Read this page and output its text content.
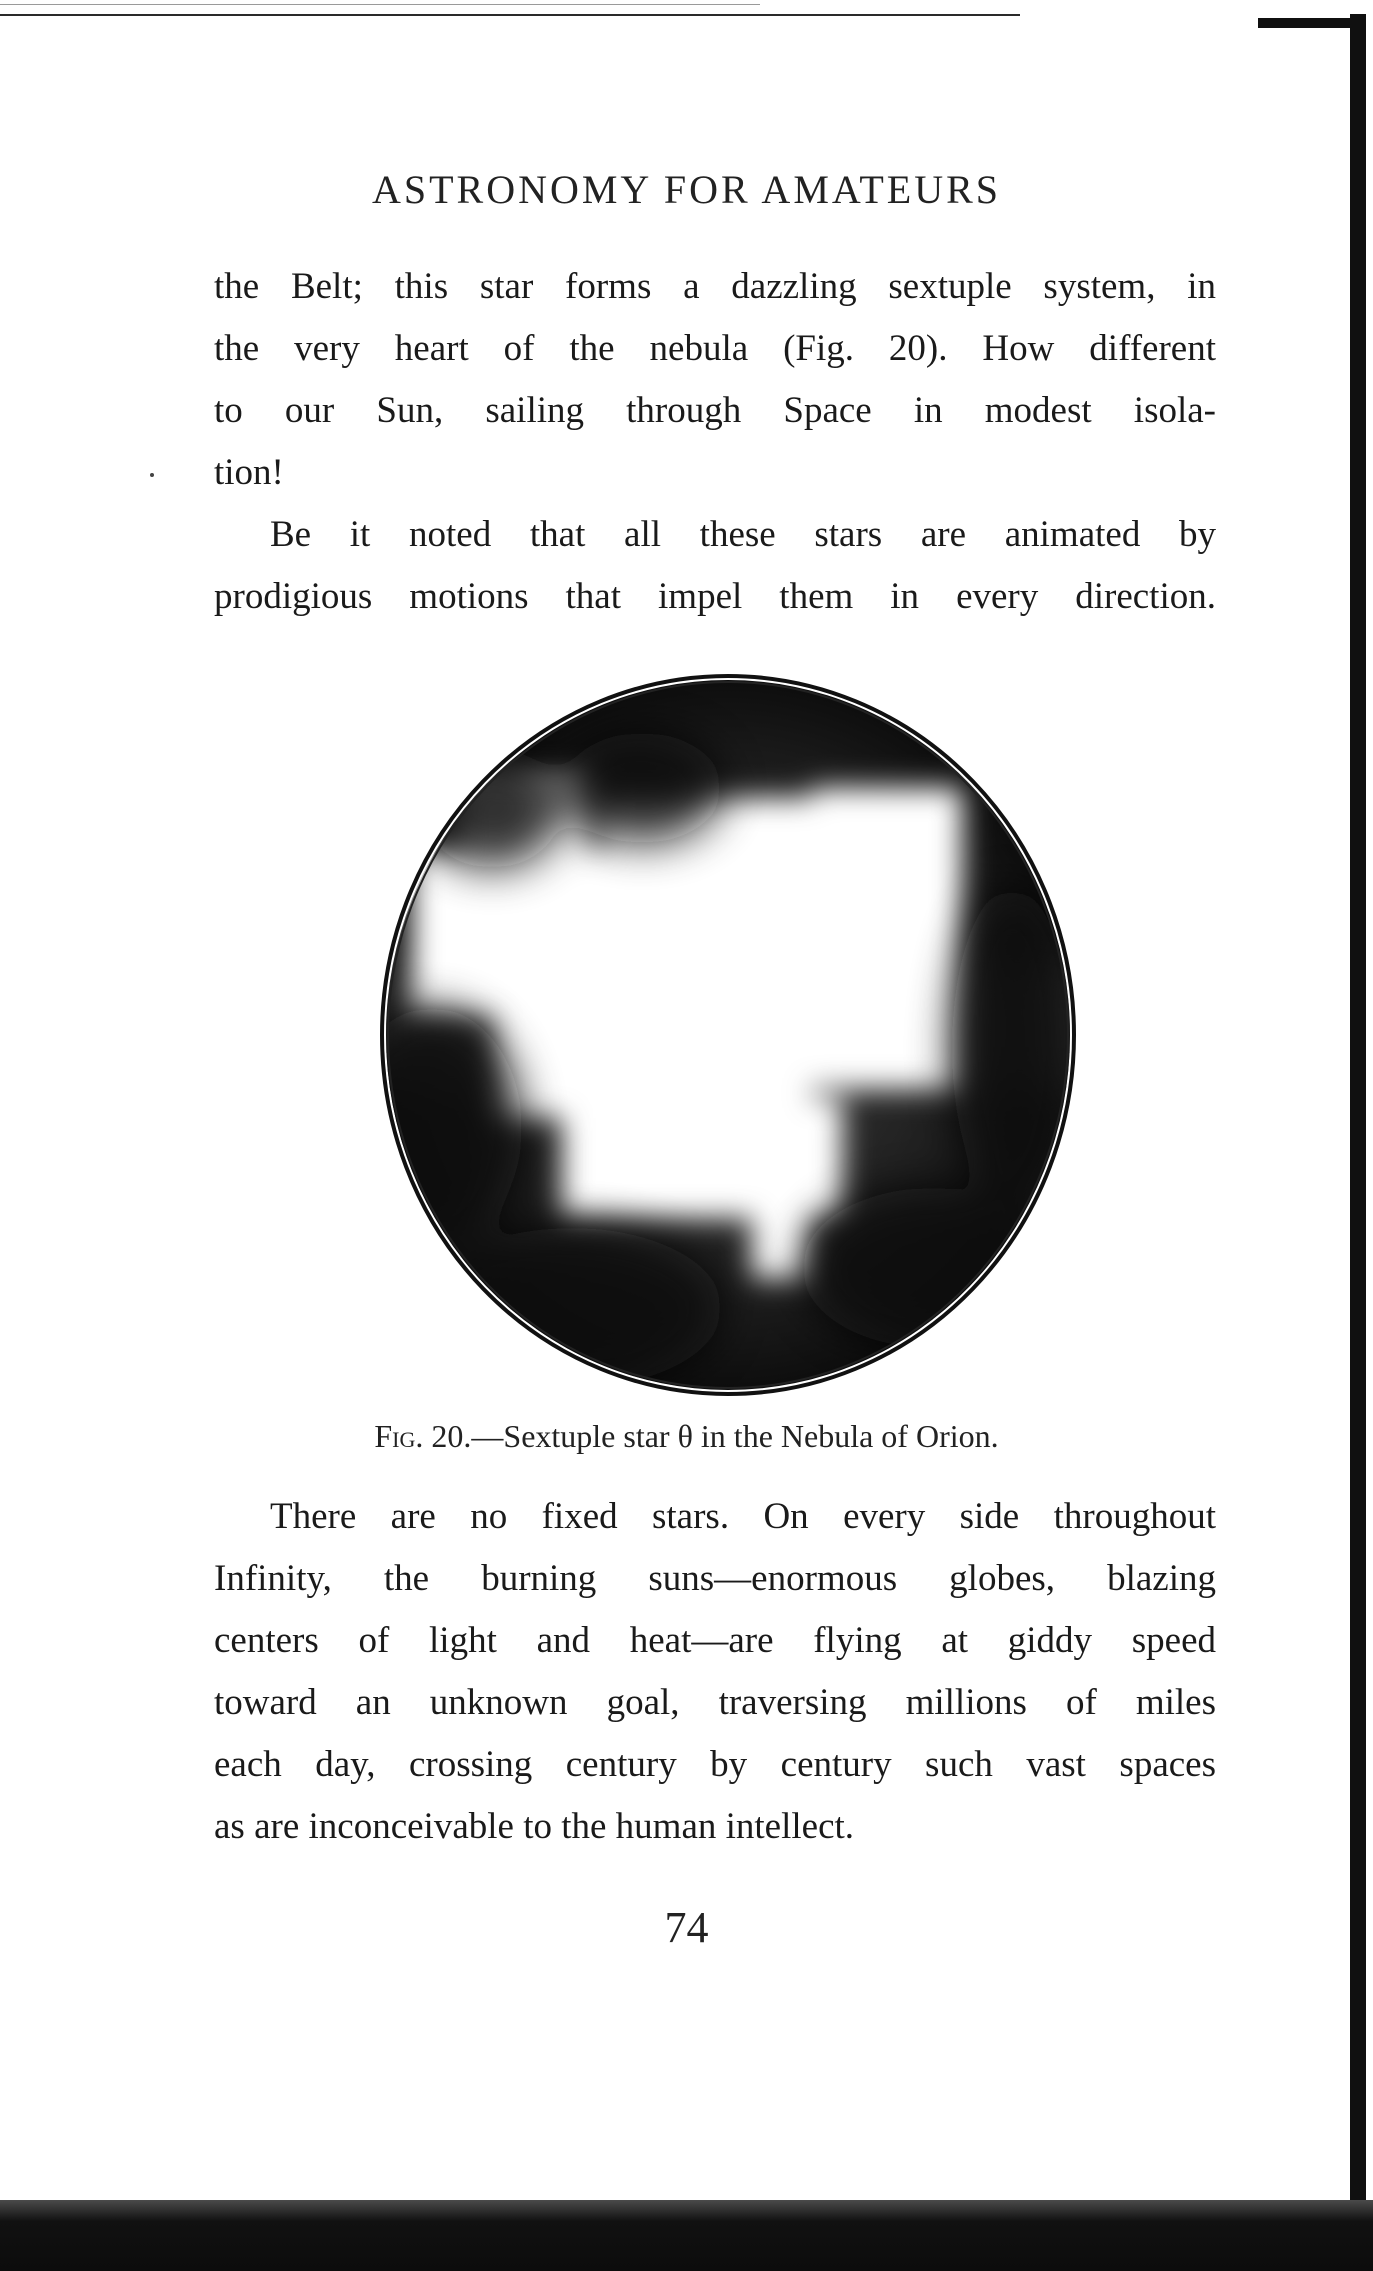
ASTRONOMY FOR AMATEURS
the Belt; this star forms a dazzling sextuple system, in
the very heart of the nebula (Fig. 20). How different
to our Sun, sailing through Space in modest isola-
tion!
Be it noted that all these stars are animated by
prodigious motions that impel them in every direction.
Fig. 20.—Sextuple star θ in the Nebula of Orion.
There are no fixed stars. On every side throughout
Infinity, the burning suns—enormous globes, blazing
centers of light and heat—are flying at giddy speed
toward an unknown goal, traversing millions of miles
each day, crossing century by century such vast spaces
as are inconceivable to the human intellect.
74
